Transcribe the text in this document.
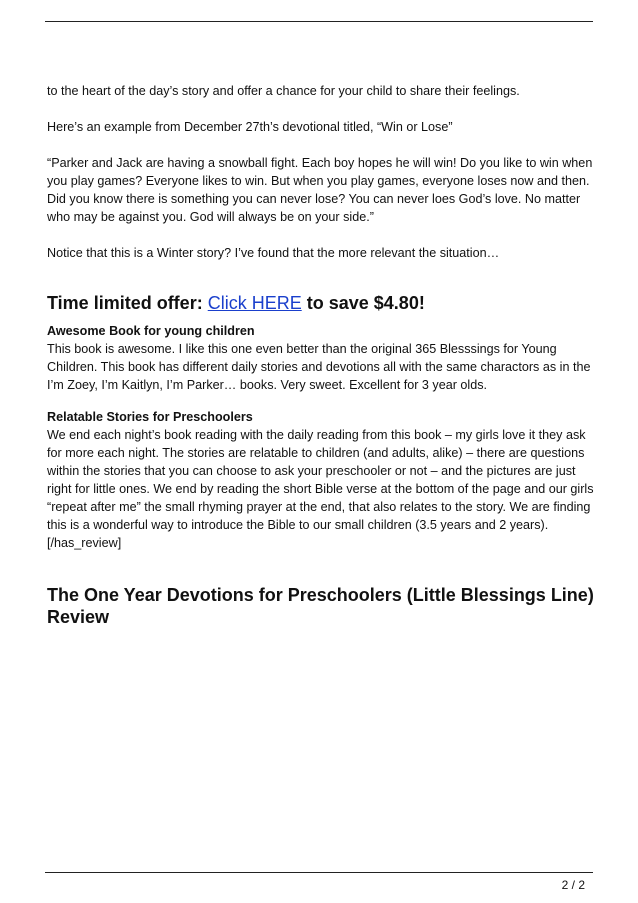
to the heart of the day’s story and offer a chance for your child to share their feelings.

Here’s an example from December 27th’s devotional titled, “Win or Lose”

“Parker and Jack are having a snowball fight. Each boy hopes he will win! Do you like to win when you play games? Everyone likes to win. But when you play games, everyone loses now and then. Did you know there is something you can never lose? You can never loes God’s love. No matter who may be against you. God will always be on your side.”

Notice that this is a Winter story? I’ve found that the more relevant the situation…

Time limited offer: Click HERE to save $4.80!
Awesome Book for young children

This book is awesome. I like this one even better than the original 365 Blesssings for Young Children. This book has different daily stories and devotions all with the same charactors as in the I’m Zoey, I’m Kaitlyn, I’m Parker… books. Very sweet. Excellent for 3 year olds.

Relatable Stories for Preschoolers

We end each night’s book reading with the daily reading from this book – my girls love it they ask for more each night. The stories are relatable to children (and adults, alike) – there are questions within the stories that you can choose to ask your preschooler or not – and the pictures are just right for little ones. We end by reading the short Bible verse at the bottom of the page and our girls “repeat after me” the small rhyming prayer at the end, that also relates to the story. We are finding this is a wonderful way to introduce the Bible to our small children (3.5 years and 2 years).[/has_review]

The One Year Devotions for Preschoolers (Little Blessings Line) Review
2 / 2
